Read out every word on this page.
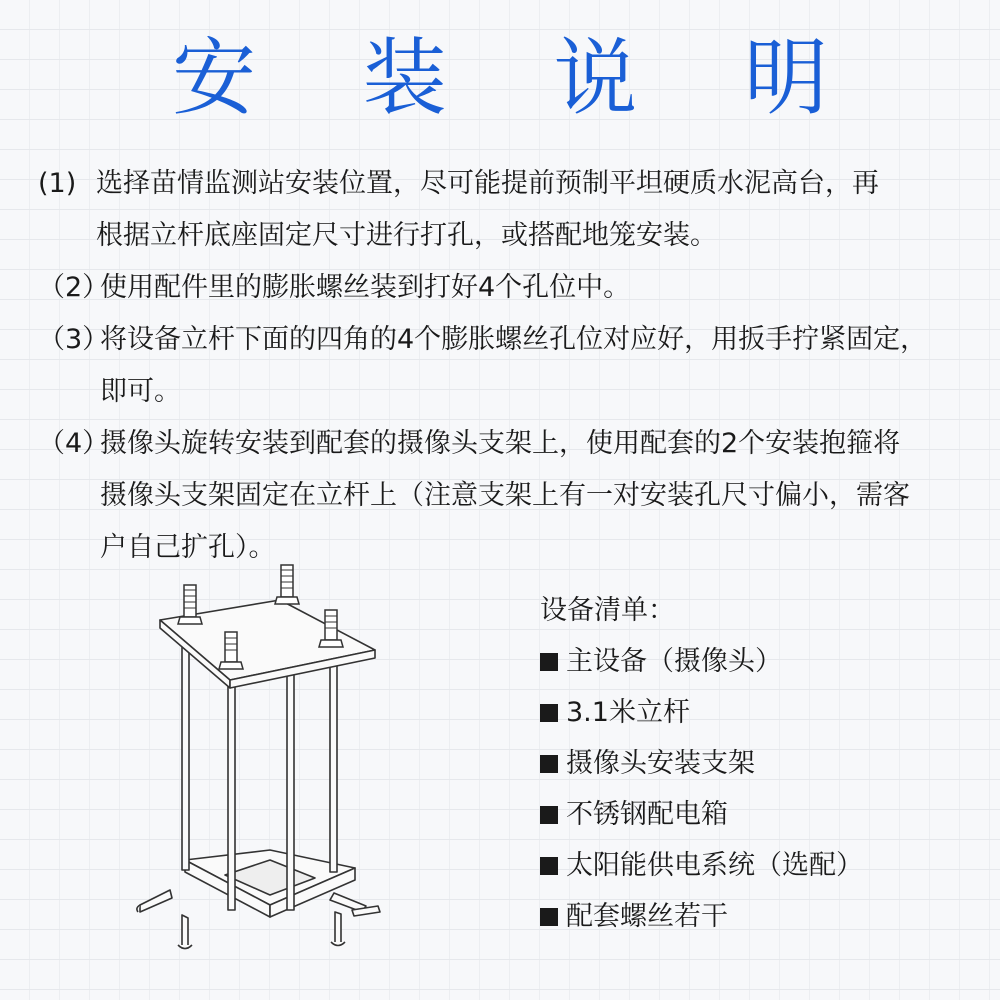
安 装 说 明
(1) 选择苗情监测站安装位置，尽可能提前预制平坦硬质水泥高台，再
根据立杆底座固定尺寸进行打孔，或搭配地笼安装。
（2）
使用配件里的膨胀螺丝装到打好4个孔位中。
（3）
将设备立杆下面的四角的4个膨胀螺丝孔位对应好，用扳手拧紧固定，
即可。
（4）
摄像头旋转安装到配套的摄像头支架上，使用配套的2个安装抱箍将
摄像头支架固定在立杆上（注意支架上有一对安装孔尺寸偏小，需客
户自己扩孔）。
设备清单：
主设备（摄像头）
3.1米立杆
摄像头安装支架
不锈钢配电箱
太阳能供电系统（选配）
配套螺丝若干
